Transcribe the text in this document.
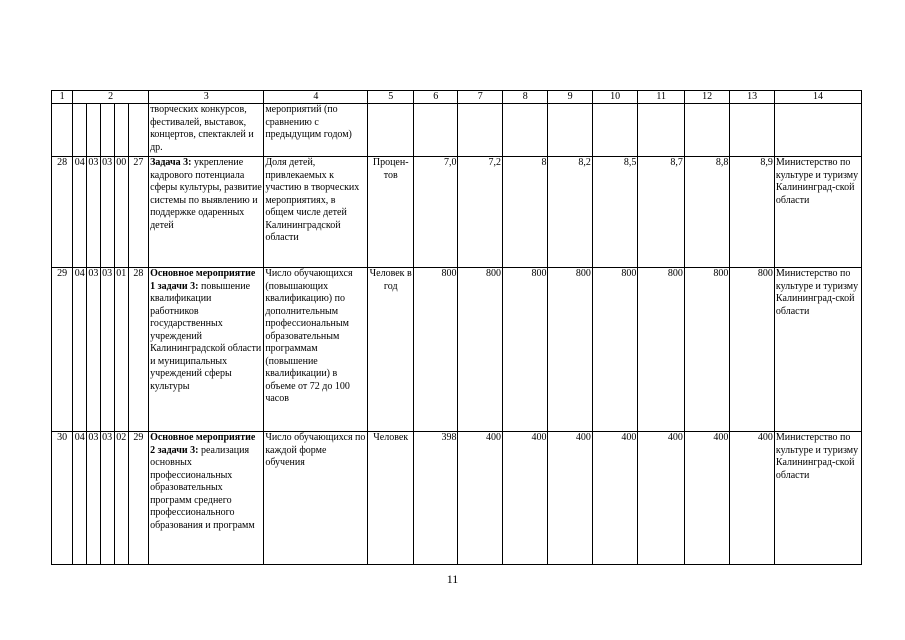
1	2					3	4	5	6	7	8	9	10	11	12	13	14
						творческих конкурсов, фестивалей, выставок, концертов, спектаклей и др.	мероприятий (по сравнению с предыдущим годом)										
28	04	03	03	00	27	Задача 3: укрепление кадрового потенциала сферы культуры, развитие системы по выявлению и поддержке одаренных детей	Доля детей, привлекаемых к участию в творческих мероприятиях, в общем числе детей Калининградской области	Процен-тов	7,0	7,2	8	8,2	8,5	8,7	8,8	8,9	Министерство по культуре и туризму Калининград-ской области
29	04	03	03	01	28	Основное мероприятие 1 задачи 3: повышение квалификации работников государственных учреждений Калининградской области и муниципальных учреждений сферы культуры	Число обучающихся (повышающих квалификацию) по дополнительным профессиональным образовательным программам (повышение квалификации) в объеме от 72 до 100 часов	Человек в год	800	800	800	800	800	800	800	800	Министерство по культуре и туризму Калининград-ской области
30	04	03	03	02	29	Основное мероприятие 2 задачи 3: реализация основных профессиональных образовательных программ среднего профессионального образования и программ	Число обучающихся по каждой форме обучения	Человек	398	400	400	400	400	400	400	400	Министерство по культуре и туризму Калининград-ской области
11
